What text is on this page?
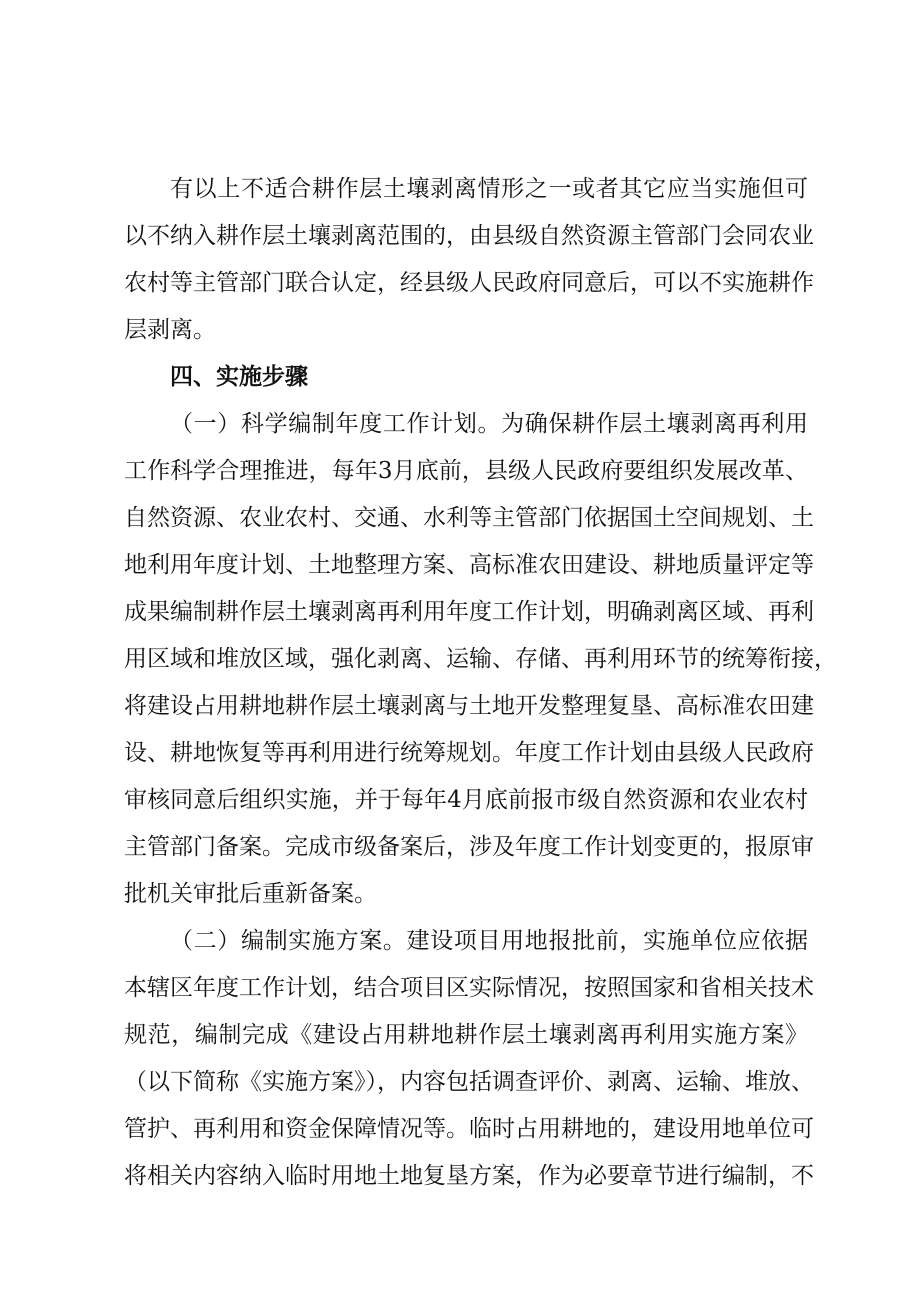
有以上不适合耕作层土壤剥离情形之一或者其它应当实施但可
以不纳入耕作层土壤剥离范围的，由县级自然资源主管部门会同农业
农村等主管部门联合认定，经县级人民政府同意后，可以不实施耕作
层剥离。
四、实施步骤
（一）科学编制年度工作计划。为确保耕作层土壤剥离再利用
工作科学合理推进，每年3月底前，县级人民政府要组织发展改革、
自然资源、农业农村、交通、水利等主管部门依据国土空间规划、土
地利用年度计划、土地整理方案、高标准农田建设、耕地质量评定等
成果编制耕作层土壤剥离再利用年度工作计划，明确剥离区域、再利
用区域和堆放区域，强化剥离、运输、存储、再利用环节的统筹衔接，
将建设占用耕地耕作层土壤剥离与土地开发整理复垦、高标准农田建
设、耕地恢复等再利用进行统筹规划。年度工作计划由县级人民政府
审核同意后组织实施，并于每年4月底前报市级自然资源和农业农村
主管部门备案。完成市级备案后，涉及年度工作计划变更的，报原审
批机关审批后重新备案。
（二）编制实施方案。建设项目用地报批前，实施单位应依据
本辖区年度工作计划，结合项目区实际情况，按照国家和省相关技术
规范，编制完成《建设占用耕地耕作层土壤剥离再利用实施方案》
（以下简称《实施方案》），内容包括调查评价、剥离、运输、堆放、
管护、再利用和资金保障情况等。临时占用耕地的，建设用地单位可
将相关内容纳入临时用地土地复垦方案，作为必要章节进行编制，不
